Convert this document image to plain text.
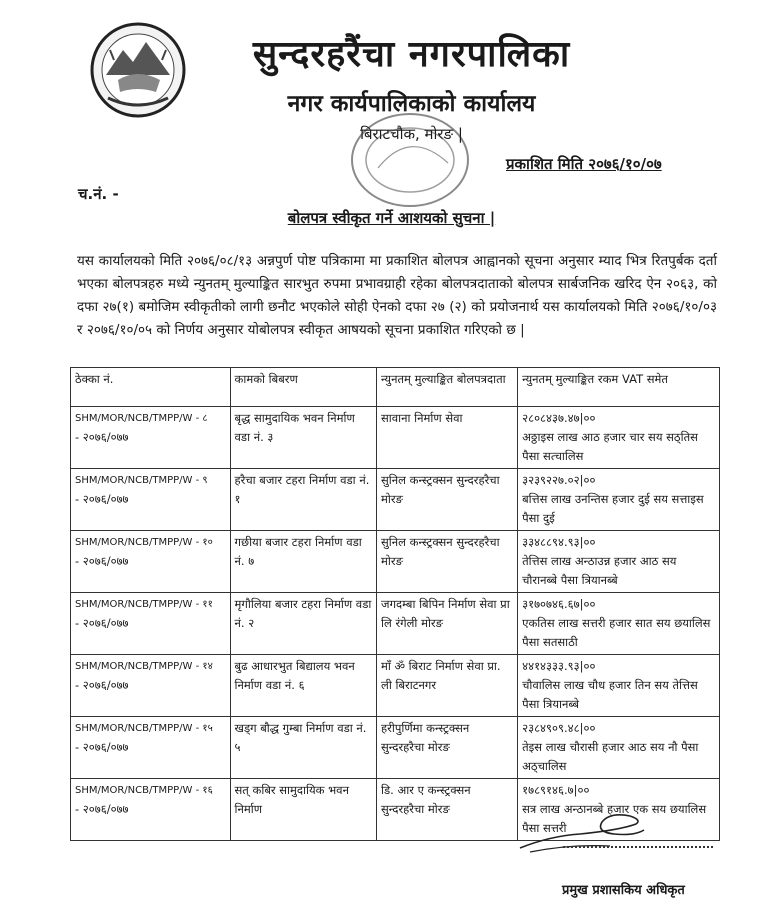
सुन्दरहरैंचा नगरपालिका
नगर कार्यपालिकाको कार्यालय
बिराटचौक, मोरङ |
प्रकाशित मिति २०७६/१०/०७
च.नं. -
बोलपत्र स्वीकृत गर्ने आशयको सुचना |
यस कार्यालयको मिति २०७६/०८/१३ अन्नपुर्ण पोष्ट पत्रिकामा मा प्रकाशित बोलपत्र आह्वानको सूचना अनुसार म्याद भित्र रितपुर्बक दर्ता भएका बोलपत्रहरु मध्ये न्युनतम् मुल्याङ्कित सारभुत रुपमा प्रभावग्राही रहेका बोलपत्रदाताको बोलपत्र सार्बजनिक खरिद ऐन २०६३, को दफा २७(१) बमोजिम स्वीकृतीको लागी छनौट भएकोले सोही ऐनको दफा २७ (२) को प्रयोजनार्थ यस कार्यालयको मिति २०७६/१०/०३ र २०७६/१०/०५ को निर्णय अनुसार योबोलपत्र स्वीकृत आषयको सूचना प्रकाशित गरिएको छ |
ठेक्का नं.	कामको बिबरण	न्युनतम् मुल्याङ्कित बोलपत्रदाता	न्युनतम् मुल्याङ्कित रकम VAT समेत

SHM/MOR/NCB/TMPP/W - ८
- २०७६/०७७	बृद्ध सामुदायिक भवन निर्माण वडा नं. ३	सावाना निर्माण सेवा	२८०८४३७.४७|००
अठ्ठाइस लाख आठ हजार चार सय सठ्तिस पैसा सत्चालिस

SHM/MOR/NCB/TMPP/W - ९
- २०७६/०७७	हरैचा बजार टहरा निर्माण वडा नं. १	सुनिल कन्स्ट्रक्सन सुन्दरहरैचा मोरङ	३२३९२२७.०२|००
बत्तिस लाख उनन्तिस हजार दुई सय सत्ताइस पैसा दुई

SHM/MOR/NCB/TMPP/W - १०
- २०७६/०७७	गछीया बजार टहरा निर्माण वडा नं. ७	सुनिल कन्स्ट्रक्सन सुन्दरहरैचा मोरङ	३३४८८९४.९३|००
तेत्तिस लाख अन्ठाउन्न हजार आठ सय चौरानब्बे पैसा त्रियानब्बे

SHM/MOR/NCB/TMPP/W - ११
- २०७६/०७७	मृगौलिया बजार टहरा निर्माण वडा नं. २	जगदम्बा बिपिन निर्माण सेवा प्रा लि रंगेली मोरङ	३१७०७४६.६७|००
एकतिस लाख सत्तरी हजार सात सय छयालिस पैसा सतसाठी

SHM/MOR/NCB/TMPP/W - १४
- २०७६/०७७	बुढ आधारभुत बिद्यालय भवन निर्माण वडा नं. ६	माँ ॐ बिराट निर्माण सेवा प्रा. ली बिराटनगर	४४१४३३३.९३|००
चौवालिस लाख चौध हजार तिन सय तेत्तिस पैसा त्रियानब्बे

SHM/MOR/NCB/TMPP/W - १५
- २०७६/०७७	खड्ग बौद्ध गुम्बा निर्माण वडा नं. ५	हरीपुर्णिमा कन्स्ट्रक्सन सुन्दरहरैचा मोरङ	२३८४९०९.४८|००
तेइस लाख चौरासी हजार आठ सय नौ पैसा अठ्चालिस

SHM/MOR/NCB/TMPP/W - १६
- २०७६/०७७	सत् कबिर सामुदायिक भवन निर्माण	डि. आर ए कन्स्ट्रक्सन सुन्दरहरैचा मोरङ	१७८९१४६.७|००
सत्र लाख अन्ठानब्बे हजार एक सय छयालिस पैसा सत्तरी
प्रमुख प्रशासकिय अधिकृत
